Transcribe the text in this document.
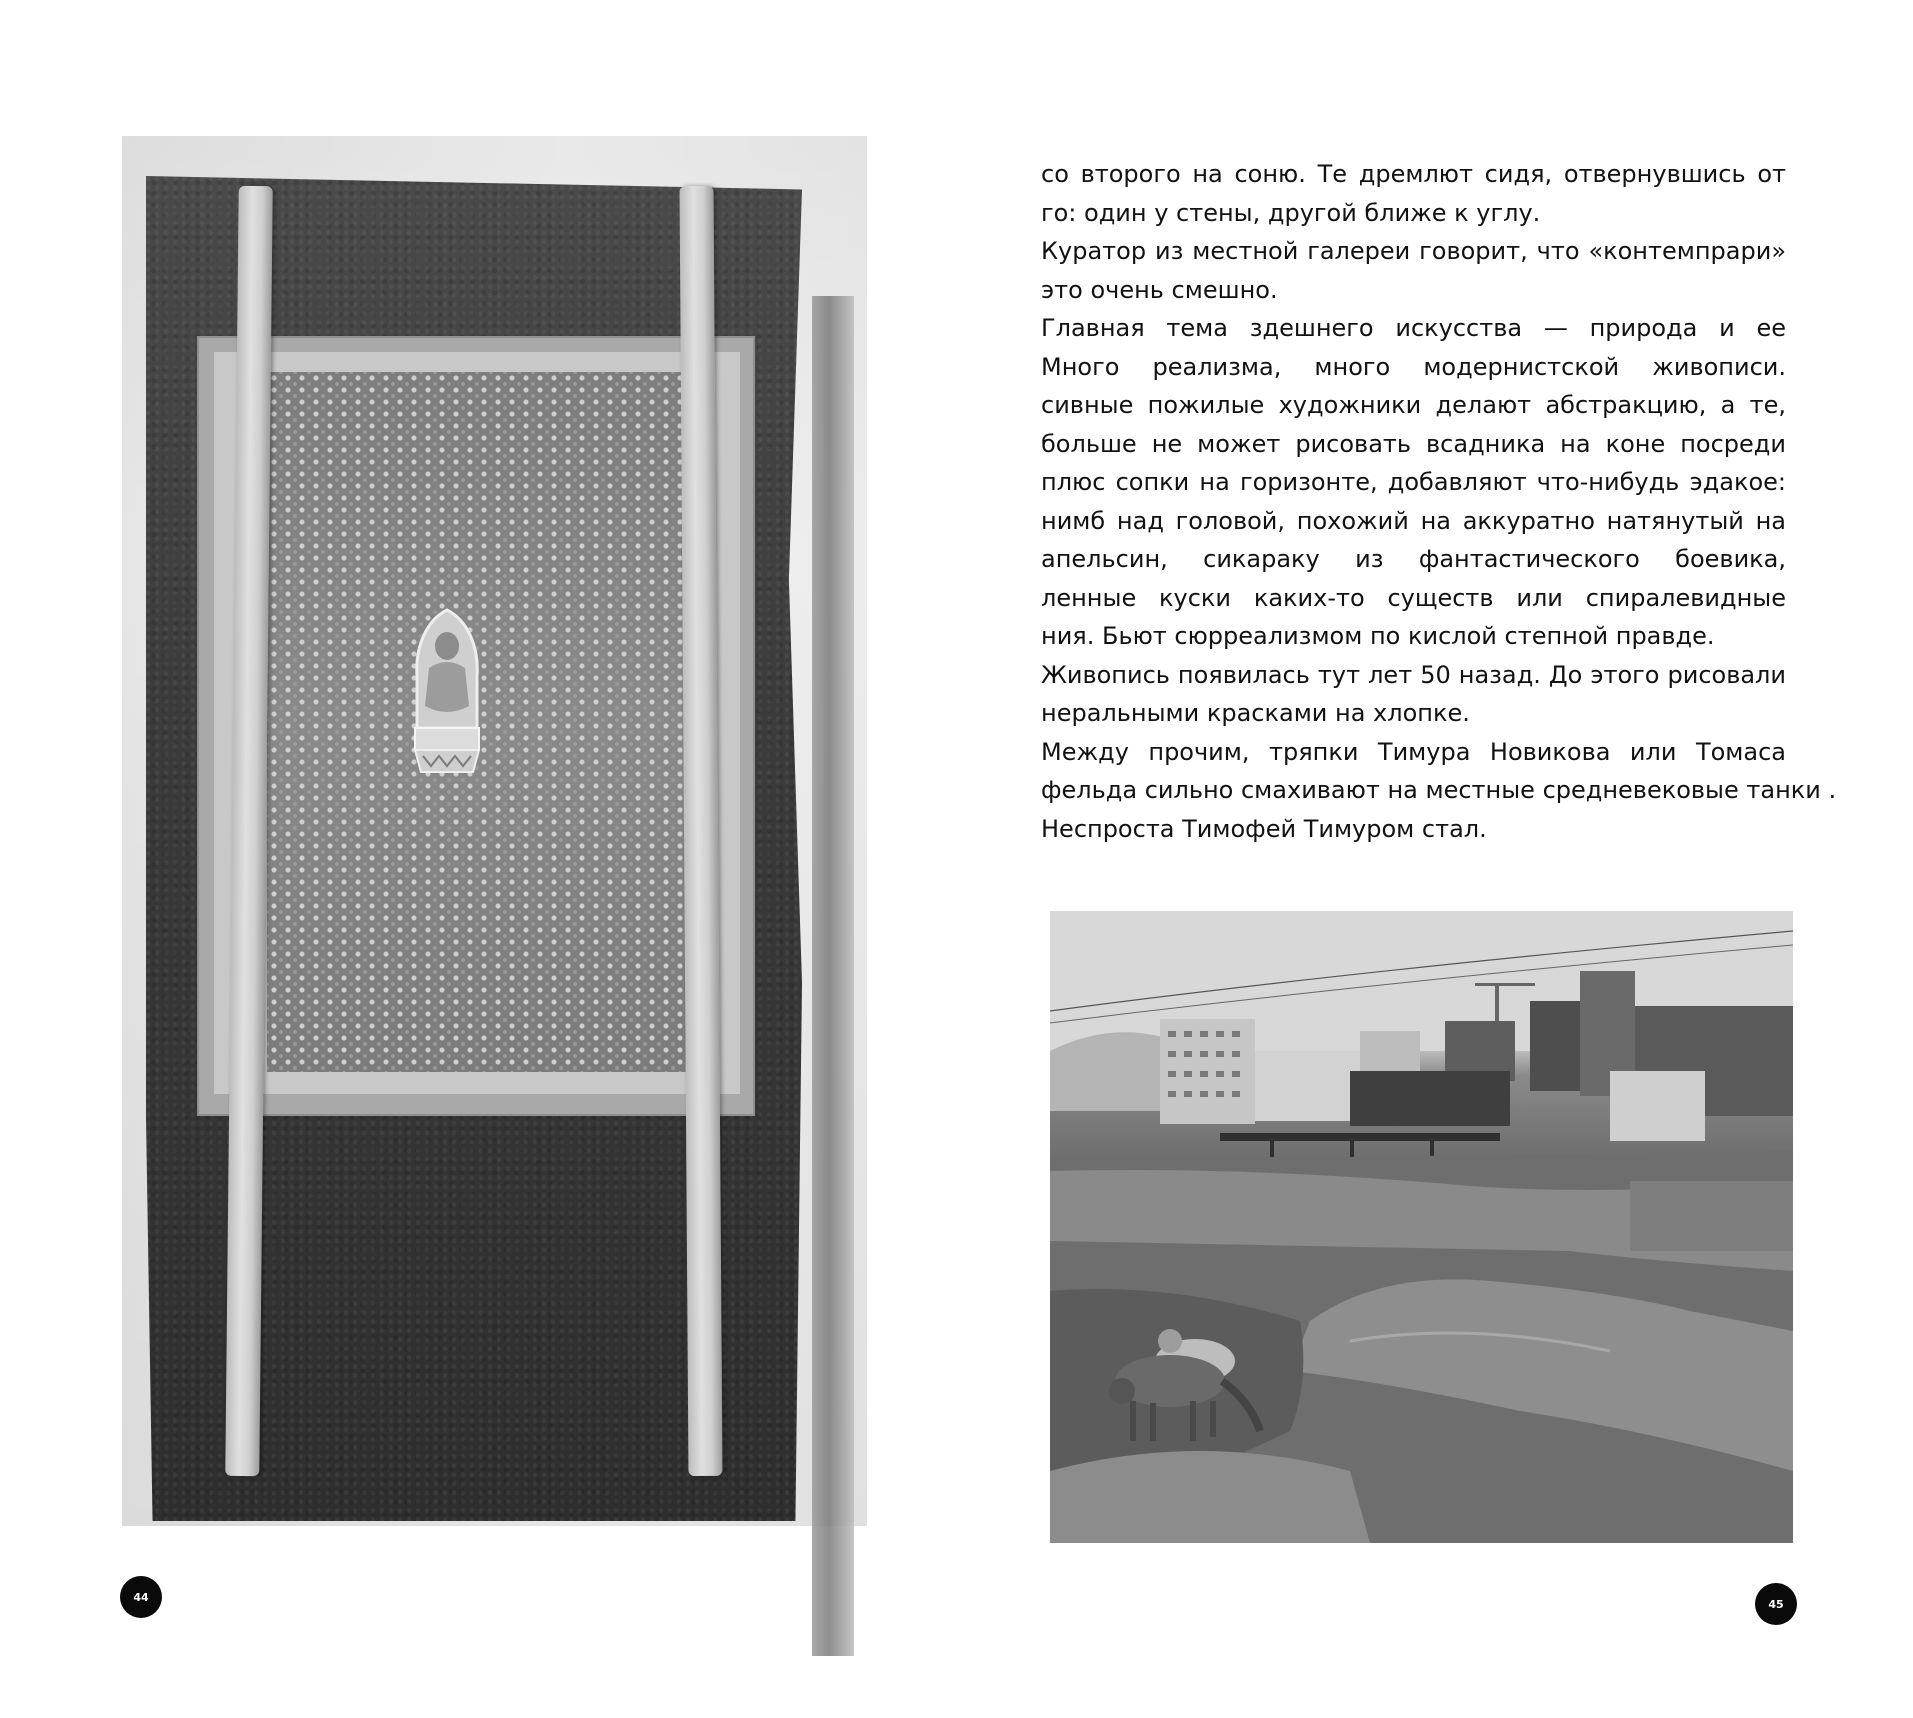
44

со второго на соню. Те дремлют сидя, отвернувшись от
го: один у стены, другой ближе к углу.

Куратор из местной галереи говорит, что «контемпрари»
это очень смешно.

Главная тема здешнего искусства — природа и ее
Много реализма, много модернистской живописи.
сивные пожилые художники делают абстракцию, а те,
больше не может рисовать всадника на коне посреди
плюс сопки на горизонте, добавляют что-нибудь эдакое:
нимб над головой, похожий на аккуратно натянутый на
апельсин, сикараку из фантастического боевика,
ленные куски каких-то существ или спиралевидные
ния. Бьют сюрреализмом по кислой степной правде.

Живопись появилась тут лет 50 назад. До этого рисовали
неральными красками на хлопке.

Между прочим, тряпки Тимура Новикова или Томаса
фельда сильно смахивают на местные средневековые танки .
Неспроста Тимофей Тимуром стал.

45
